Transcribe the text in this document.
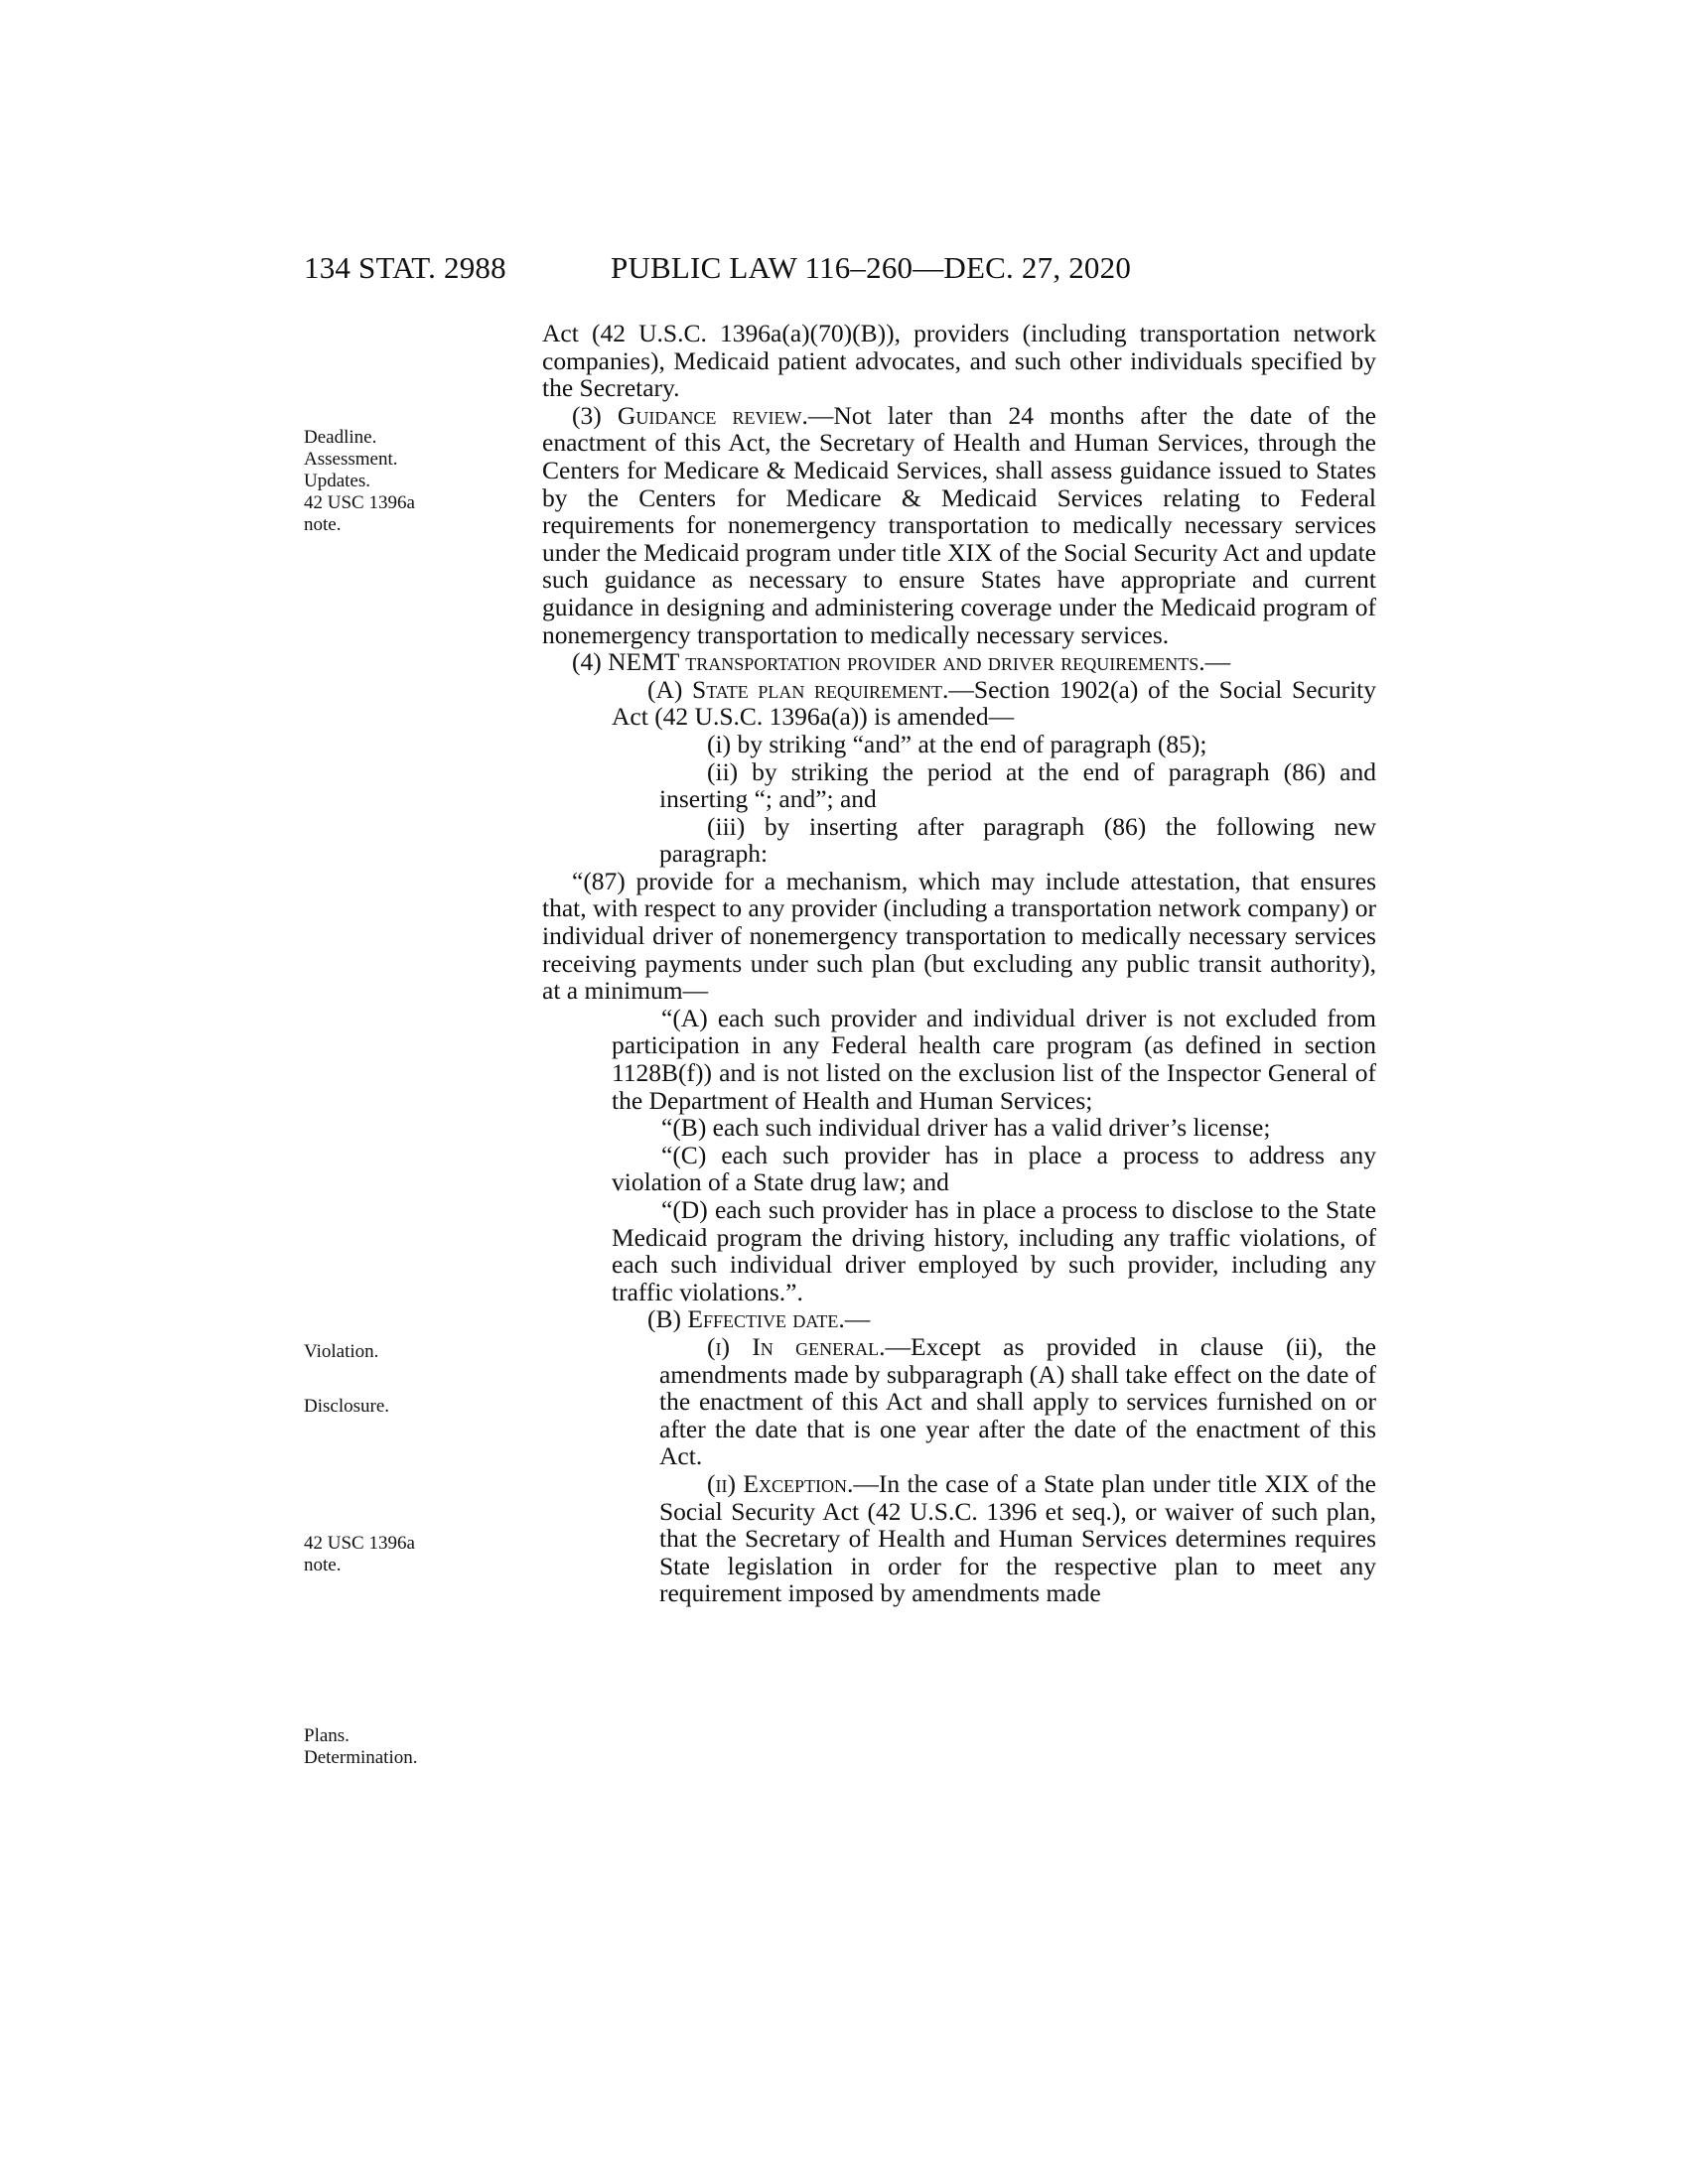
134 STAT. 2988	PUBLIC LAW 116–260—DEC. 27, 2020
Deadline.
Assessment.
Updates.
42 USC 1396a
note.
Violation.
Disclosure.
42 USC 1396a
note.
Plans.
Determination.

Act (42 U.S.C. 1396a(a)(70)(B)), providers (including transportation network companies), Medicaid patient advocates, and such other individuals specified by the Secretary.

(3) Guidance review.—Not later than 24 months after the date of the enactment of this Act, the Secretary of Health and Human Services, through the Centers for Medicare & Medicaid Services, shall assess guidance issued to States by the Centers for Medicare & Medicaid Services relating to Federal requirements for nonemergency transportation to medically necessary services under the Medicaid program under title XIX of the Social Security Act and update such guidance as necessary to ensure States have appropriate and current guidance in designing and administering coverage under the Medicaid program of nonemergency transportation to medically necessary services.

(4) NEMT transportation provider and driver requirements.—

(A) State plan requirement.—Section 1902(a) of the Social Security Act (42 U.S.C. 1396a(a)) is amended—

(i) by striking “and” at the end of paragraph (85);

(ii) by striking the period at the end of paragraph (86) and inserting “; and”; and

(iii) by inserting after paragraph (86) the following new paragraph:

“(87) provide for a mechanism, which may include attestation, that ensures that, with respect to any provider (including a transportation network company) or individual driver of nonemergency transportation to medically necessary services receiving payments under such plan (but excluding any public transit authority), at a minimum—

“(A) each such provider and individual driver is not excluded from participation in any Federal health care program (as defined in section 1128B(f)) and is not listed on the exclusion list of the Inspector General of the Department of Health and Human Services;

“(B) each such individual driver has a valid driver’s license;

“(C) each such provider has in place a process to address any violation of a State drug law; and

“(D) each such provider has in place a process to disclose to the State Medicaid program the driving history, including any traffic violations, of each such individual driver employed by such provider, including any traffic violations.”.

(B) Effective date.—

(i) In general.—Except as provided in clause (ii), the amendments made by subparagraph (A) shall take effect on the date of the enactment of this Act and shall apply to services furnished on or after the date that is one year after the date of the enactment of this Act.

(ii) Exception.—In the case of a State plan under title XIX of the Social Security Act (42 U.S.C. 1396 et seq.), or waiver of such plan, that the Secretary of Health and Human Services determines requires State legislation in order for the respective plan to meet any requirement imposed by amendments made
